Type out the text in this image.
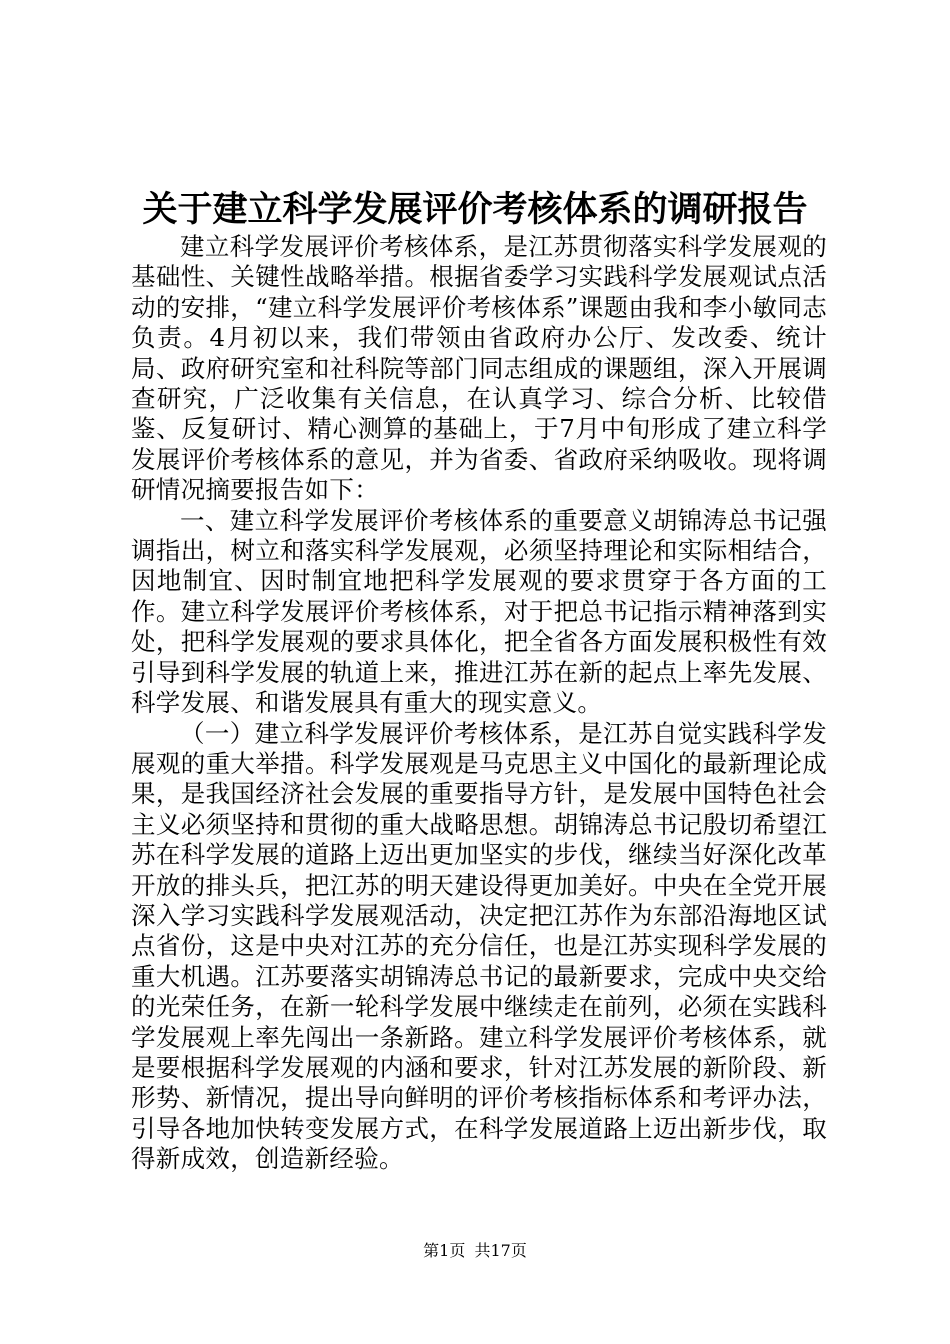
关于建立科学发展评价考核体系的调研报告

建立科学发展评价考核体系，是江苏贯彻落实科学发展观的基础性、关键性战略举措。根据省委学习实践科学发展观试点活动的安排，“建立科学发展评价考核体系”课题由我和李小敏同志负责。4月初以来，我们带领由省政府办公厅、发改委、统计局、政府研究室和社科院等部门同志组成的课题组，深入开展调查研究，广泛收集有关信息，在认真学习、综合分析、比较借鉴、反复研讨、精心测算的基础上，于7月中旬形成了建立科学发展评价考核体系的意见，并为省委、省政府采纳吸收。现将调研情况摘要报告如下：

一、建立科学发展评价考核体系的重要意义胡锦涛总书记强调指出，树立和落实科学发展观，必须坚持理论和实际相结合，因地制宜、因时制宜地把科学发展观的要求贯穿于各方面的工作。建立科学发展评价考核体系，对于把总书记指示精神落到实处，把科学发展观的要求具体化，把全省各方面发展积极性有效引导到科学发展的轨道上来，推进江苏在新的起点上率先发展、科学发展、和谐发展具有重大的现实意义。

（一）建立科学发展评价考核体系，是江苏自觉实践科学发展观的重大举措。科学发展观是马克思主义中国化的最新理论成果，是我国经济社会发展的重要指导方针，是发展中国特色社会主义必须坚持和贯彻的重大战略思想。胡锦涛总书记殷切希望江苏在科学发展的道路上迈出更加坚实的步伐，继续当好深化改革开放的排头兵，把江苏的明天建设得更加美好。中央在全党开展深入学习实践科学发展观活动，决定把江苏作为东部沿海地区试点省份，这是中央对江苏的充分信任，也是江苏实现科学发展的重大机遇。江苏要落实胡锦涛总书记的最新要求，完成中央交给的光荣任务，在新一轮科学发展中继续走在前列，必须在实践科学发展观上率先闯出一条新路。建立科学发展评价考核体系，就是要根据科学发展观的内涵和要求，针对江苏发展的新阶段、新形势、新情况，提出导向鲜明的评价考核指标体系和考评办法，引导各地加快转变发展方式，在科学发展道路上迈出新步伐，取得新成效，创造新经验。

第1页 共17页
